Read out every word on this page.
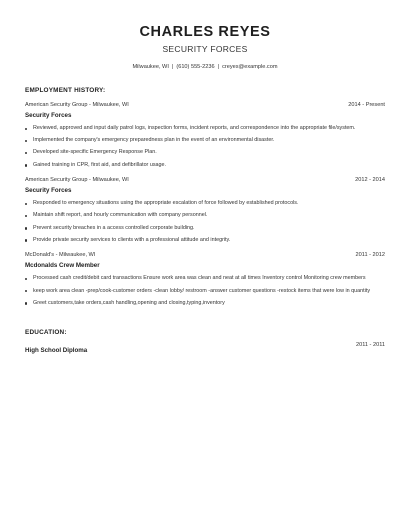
CHARLES REYES
SECURITY FORCES
Milwaukee, WI | (610) 555-2236 | creyes@example.com
EMPLOYMENT HISTORY:
American Security Group - Milwaukee, WI	2014 - Present
Security Forces
Reviewed, approved and input daily patrol logs, inspection forms, incident reports, and correspondence into the appropriate file/system.
Implemented the company's emergency preparedness plan in the event of an environmental disaster.
Developed site-specific Emergency Response Plan.
Gained training in CPR, first aid, and defibrillator usage.
American Security Group - Milwaukee, WI	2012 - 2014
Security Forces
Responded to emergency situations using the appropriate escalation of force followed by established protocols.
Maintain shift report, and hourly communication with company personnel.
Prevent security breaches in a access controlled corporate building.
Provide private security services to clients with a professional attitude and integrity.
McDonald's - Milwaukee, WI	2011 - 2012
Mcdonalds Crew Member
Processed cash credit/debit card transactions Ensure work area was clean and neat at all times Inventory control Monitoring crew members
keep work area clean -prep/cook-customer orders -clean lobby/ restroom -answer customer questions -restock items that were low in quantity
Greet customers,take orders,cash handling,opening and closing,typing,inventory
EDUCATION:
High School Diploma
2011 - 2011
